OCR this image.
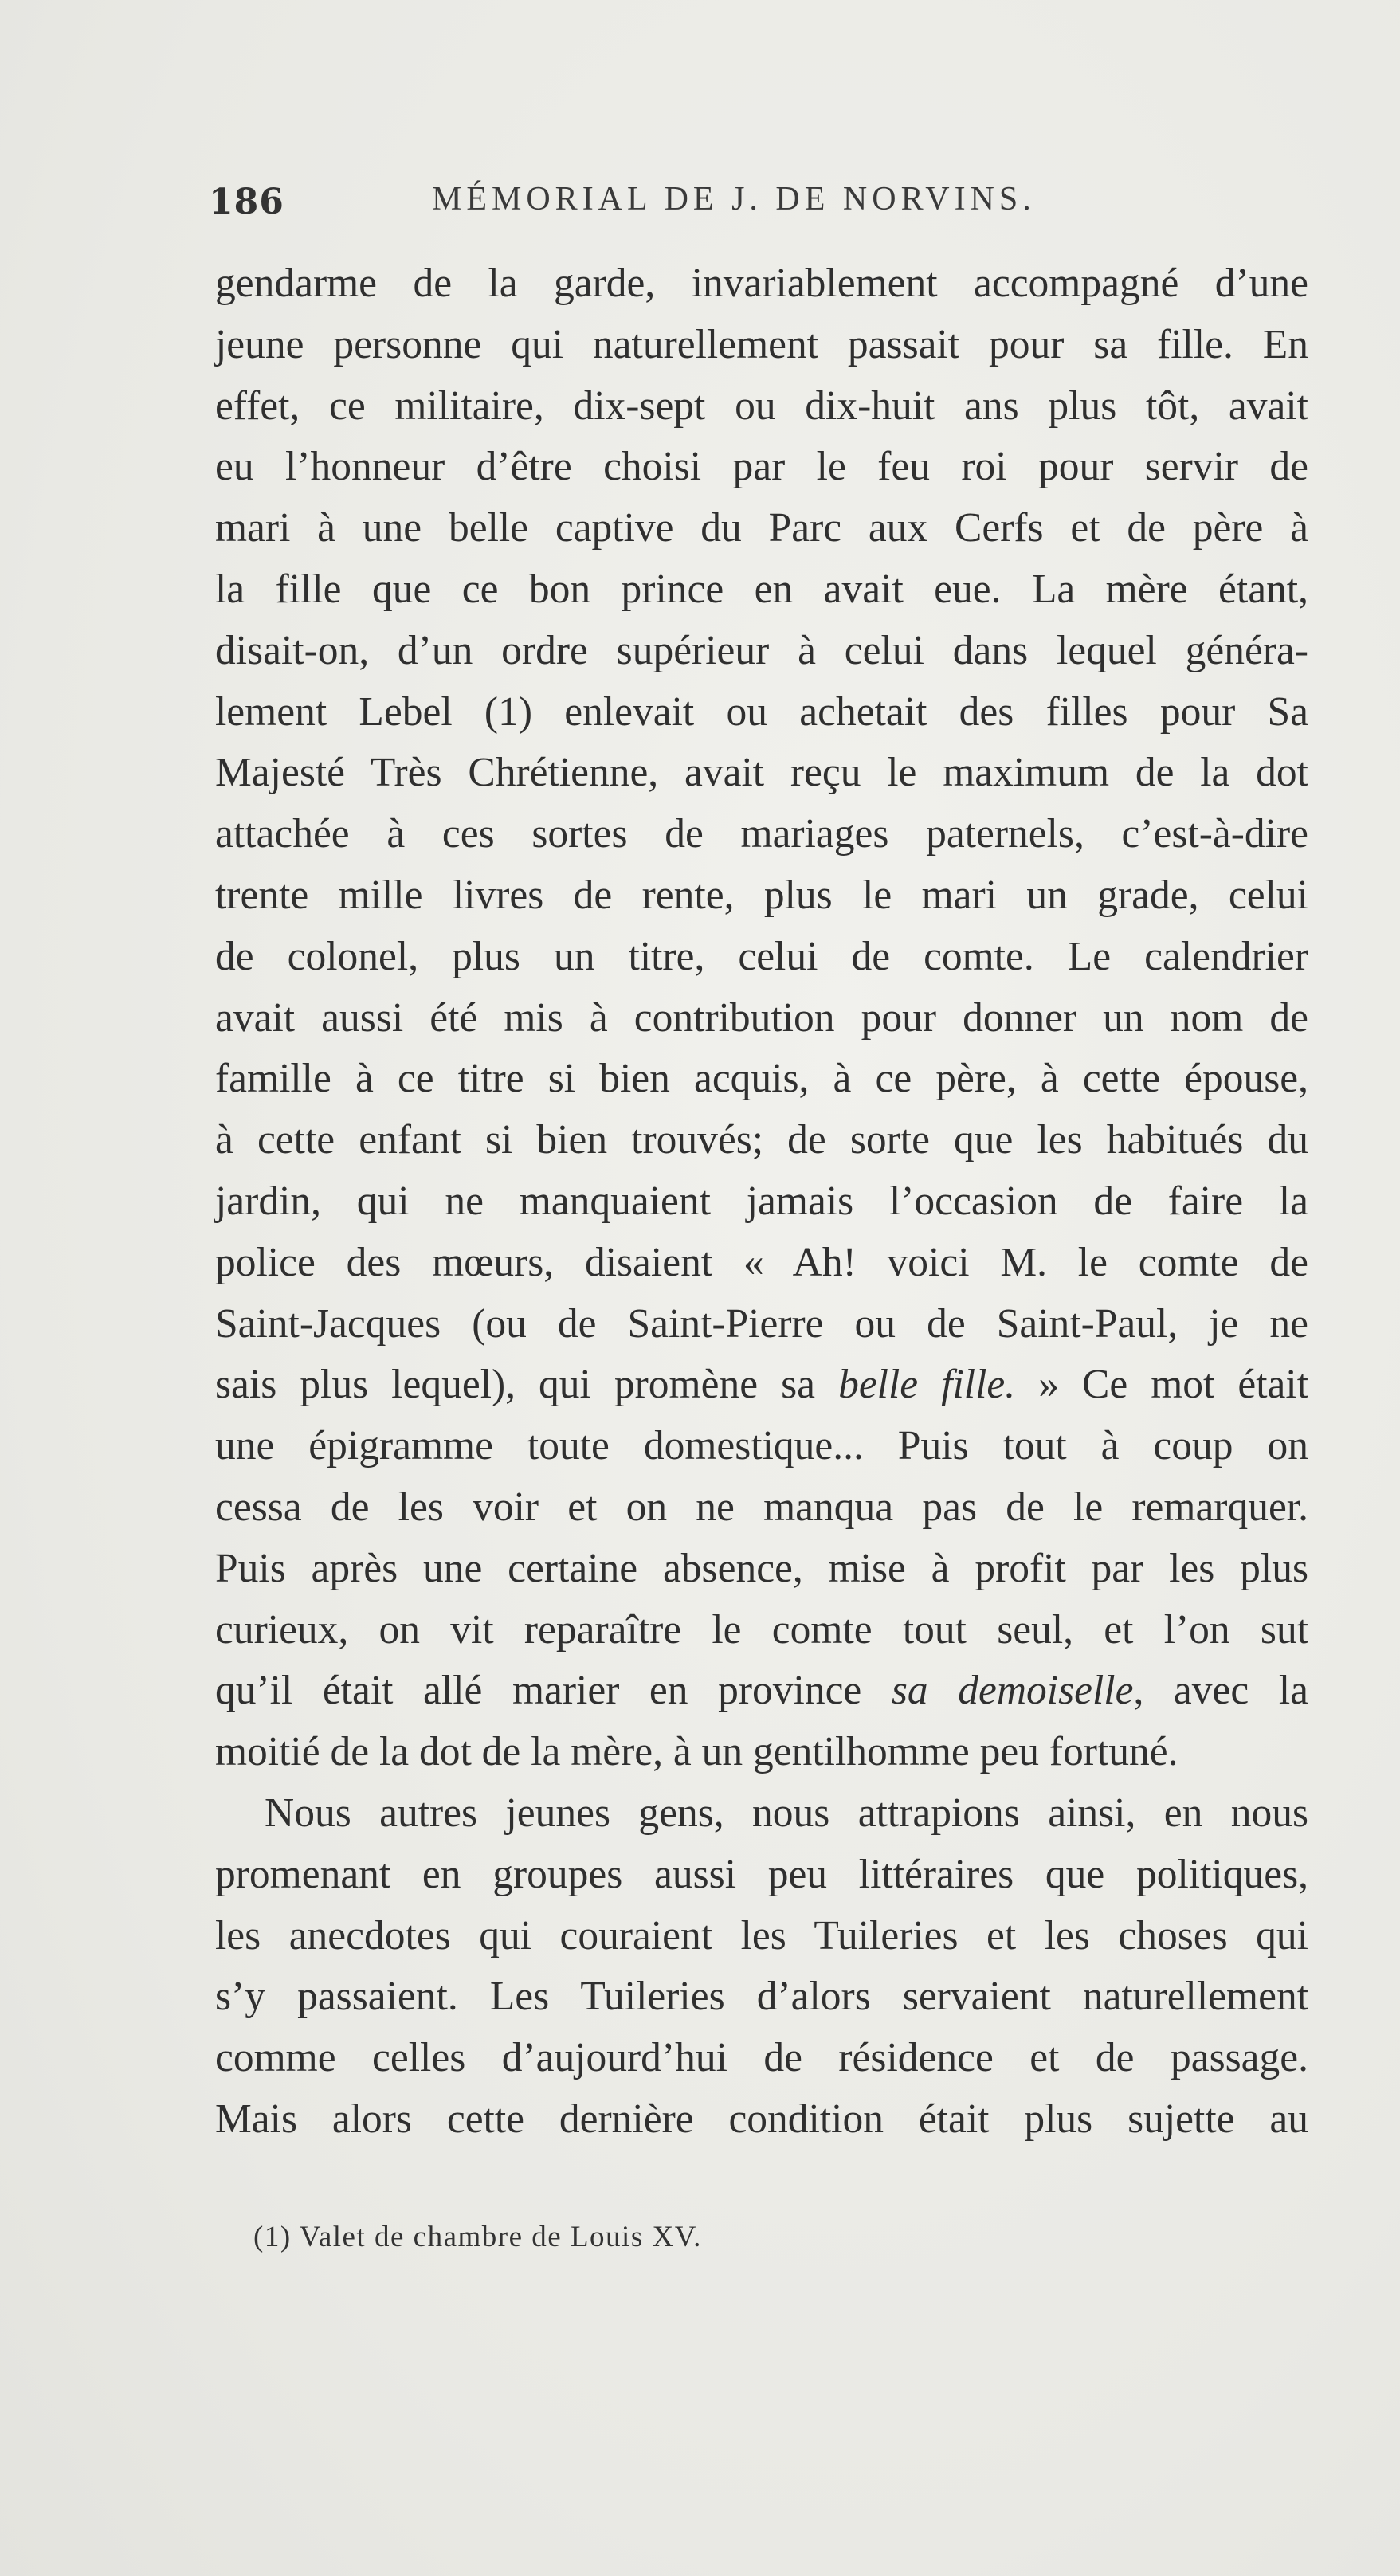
186	MÉMORIAL DE J. DE NORVINS.

gendarme de la garde, invariablement accompagné d’une

jeune personne qui naturellement passait pour sa fille. En

effet, ce militaire, dix-sept ou dix-huit ans plus tôt, avait

eu l’honneur d’être choisi par le feu roi pour servir de

mari à une belle captive du Parc aux Cerfs et de père à

la fille que ce bon prince en avait eue. La mère étant,

disait-on, d’un ordre supérieur à celui dans lequel généra-

lement Lebel (1) enlevait ou achetait des filles pour Sa

Majesté Très Chrétienne, avait reçu le maximum de la dot

attachée à ces sortes de mariages paternels, c’est-à-dire

trente mille livres de rente, plus le mari un grade, celui

de colonel, plus un titre, celui de comte. Le calendrier

avait aussi été mis à contribution pour donner un nom de

famille à ce titre si bien acquis, à ce père, à cette épouse,

à cette enfant si bien trouvés; de sorte que les habitués du

jardin, qui ne manquaient jamais l’occasion de faire la

police des mœurs, disaient « Ah! voici M. le comte de

Saint-Jacques (ou de Saint-Pierre ou de Saint-Paul, je ne

sais plus lequel), qui promène sa belle fille. » Ce mot était

une épigramme toute domestique... Puis tout à coup on

cessa de les voir et on ne manqua pas de le remarquer.

Puis après une certaine absence, mise à profit par les plus

curieux, on vit reparaître le comte tout seul, et l’on sut

qu’il était allé marier en province sa demoiselle, avec la

moitié de la dot de la mère, à un gentilhomme peu fortuné.

Nous autres jeunes gens, nous attrapions ainsi, en nous

promenant en groupes aussi peu littéraires que politiques,

les anecdotes qui couraient les Tuileries et les choses qui

s’y passaient. Les Tuileries d’alors servaient naturellement

comme celles d’aujourd’hui de résidence et de passage.

Mais alors cette dernière condition était plus sujette au

(1) Valet de chambre de Louis XV.
